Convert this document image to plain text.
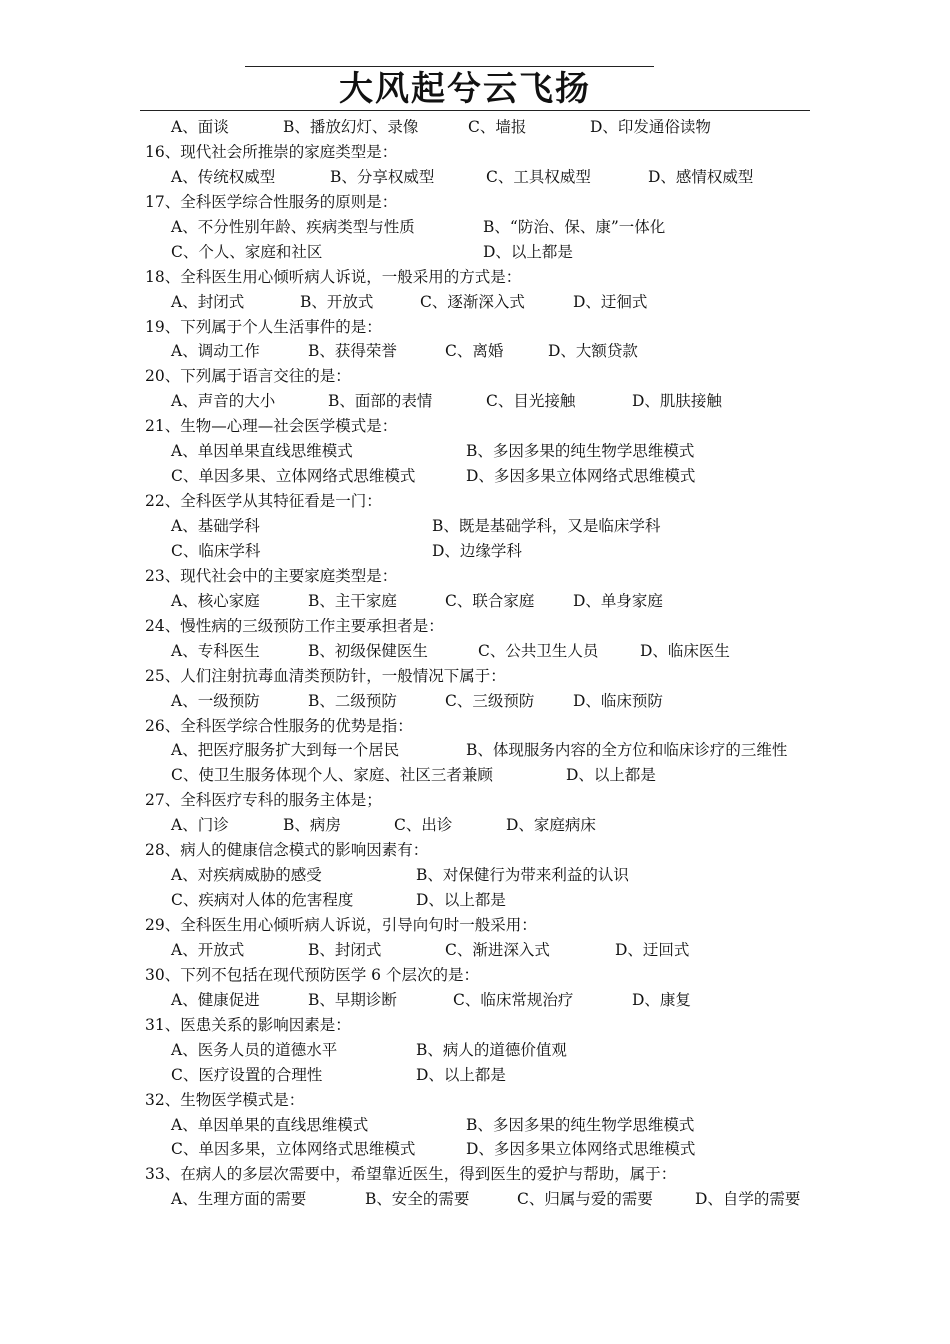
大风起兮云飞扬
A、面谈	B、播放幻灯、录像	C、墙报	D、印发通俗读物
16、现代社会所推崇的家庭类型是：
A、传统权威型	B、分享权威型	C、工具权威型	D、感情权威型
17、全科医学综合性服务的原则是：
A、不分性别年龄、疾病类型与性质	B、“防治、保、康”一体化
C、个人、家庭和社区	D、以上都是
18、全科医生用心倾听病人诉说，一般采用的方式是：
A、封闭式	B、开放式	C、逐渐深入式	D、迂徊式
19、下列属于个人生活事件的是：
A、调动工作	B、获得荣誉	C、离婚	D、大额贷款
20、下列属于语言交往的是：
A、声音的大小	B、面部的表情	C、目光接触	D、肌肤接触
21、生物—心理—社会医学模式是：
A、单因单果直线思维模式	B、多因多果的纯生物学思维模式
C、单因多果、立体网络式思维模式	D、多因多果立体网络式思维模式
22、全科医学从其特征看是一门：
A、基础学科	B、既是基础学科，又是临床学科
C、临床学科	D、边缘学科
23、现代社会中的主要家庭类型是：
A、核心家庭	B、主干家庭	C、联合家庭 D、单身家庭
24、慢性病的三级预防工作主要承担者是：
A、专科医生	B、初级保健医生	C、公共卫生人员	D、临床医生
25、人们注射抗毒血清类预防针，一般情况下属于：
A、一级预防	B、二级预防	C、三级预防 D、临床预防
26、全科医学综合性服务的优势是指：
A、把医疗服务扩大到每一个居民	B、体现服务内容的全方位和临床诊疗的三维性
C、使卫生服务体现个人、家庭、社区三者兼顾	D、以上都是
27、全科医疗专科的服务主体是；
A、门诊	B、病房	C、出诊	D、家庭病床
28、病人的健康信念模式的影响因素有：
A、对疾病威胁的感受	B、对保健行为带来利益的认识
C、疾病对人体的危害程度	D、以上都是
29、全科医生用心倾听病人诉说，引导向句时一般采用：
A、开放式	B、封闭式	C、渐进深入式	D、迂回式
30、下列不包括在现代预防医学 6 个层次的是：
A、健康促进	B、早期诊断	C、临床常规治疗	D、康复
31、医患关系的影响因素是：
A、医务人员的道德水平	B、病人的道德价值观
C、医疗设置的合理性	D、以上都是
32、生物医学模式是：
A、单因单果的直线思维模式	B、多因多果的纯生物学思维模式
C、单因多果，立体网络式思维模式	D、多因多果立体网络式思维模式
33、在病人的多层次需要中，希望靠近医生，得到医生的爱护与帮助，属于：
A、生理方面的需要	B、安全的需要	C、归属与爱的需要	D、自学的需要
